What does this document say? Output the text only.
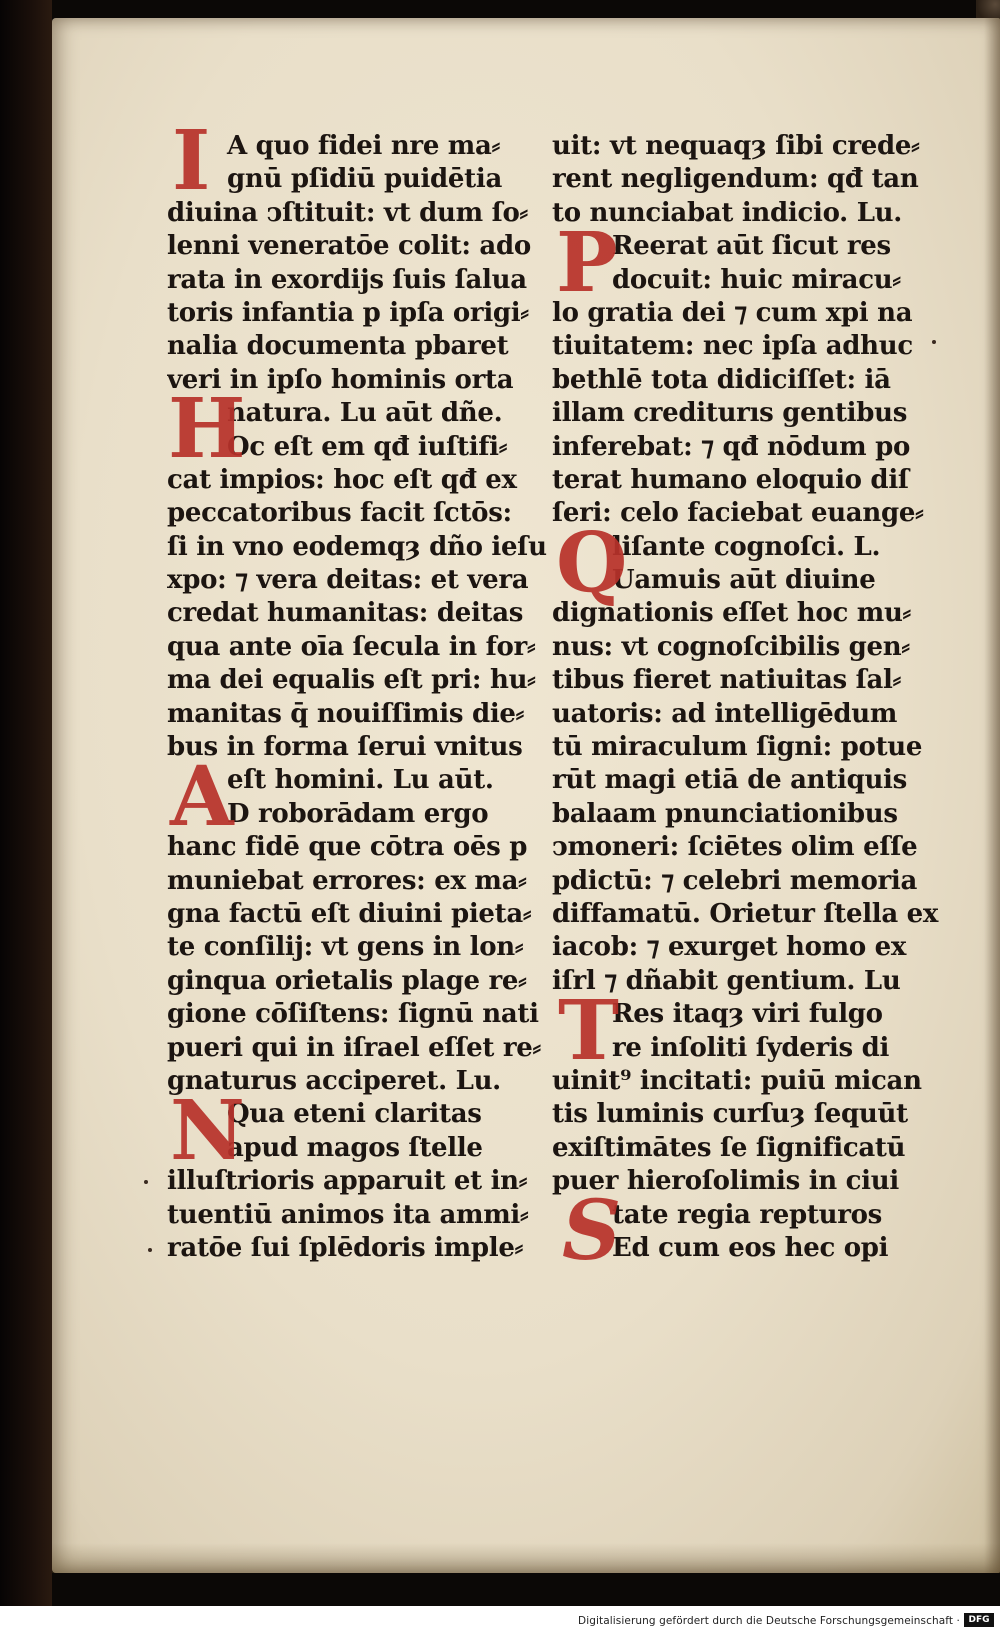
A quo fidei nre ma⸗
gnū pſidiū puidētia
diuina ↄſtituit: vt dum ſo⸗
lenni veneratōe colit: ado
rata in exordijs ſuis ſalua
toris infantia p ipſa origi⸗
nalia documenta pbaret
veri in ipſo hominis orta
natura. Lu aūt dñe.
Oc eſt em qđ iuſtifi⸗
cat impios: hoc eſt qđ ex
peccatoribus facit ſctōs:
ſi in vno eodemqȝ dño ieſu
xpo: ⁊ vera deitas: et vera
credat humanitas: deitas
qua ante oīa ſecula in for⸗
ma dei equalis eſt pri: hu⸗
manitas q̄ nouiſſimis die⸗
bus in forma ſerui vnitus
eſt homini. Lu aūt.
D roborādam ergo
hanc fidē que cōtra oēs p
muniebat errores: ex ma⸗
gna factū eſt diuini pieta⸗
te conſilij: vt gens in lon⸗
ginqua orietalis plage re⸗
gione cōſiſtens: ſignū nati
pueri qui in iſrael eſſet re⸗
gnaturus acciperet. Lu.
Qua eteni claritas
apud magos ſtelle
illuſtrioris apparuit et in⸗
tuentiū animos ita ammi⸗
ratōe ſui ſplēdoris imple⸗
uit: vt nequaqȝ ſibi crede⸗
rent negligendum: qđ tan
to nunciabat indicio. Lu.
Reerat aūt ſicut res
docuit: huic miracu⸗
lo gratia dei ⁊ cum xpi na
tiuitatem: nec ipſa adhuc
bethlē tota didiciſſet: iā
illam crediturıs gentibus
inferebat: ⁊ qđ nōdum po
terat humano eloquio diſ
ſeri: celo faciebat euange⸗
liſante cognoſci. L.
Uamuis aūt diuine
dignationis eſſet hoc mu⸗
nus: vt cognoſcibilis gen⸗
tibus fieret natiuitas ſal⸗
uatoris: ad intelligēdum
tū miraculum ſigni: potue
rūt magi etiā de antiquis
balaam pnunciationibus
ↄmoneri: ſciētes olim eſſe
pdictū: ⁊ celebri memoria
diffamatū. Orietur ſtella ex
iacob: ⁊ exurget homo ex
iſrl ⁊ dñabit gentium. Lu
Res itaqȝ viri fulgo
re inſoliti ſyderis di
uinit⁹ incitati: puiū mican
tis luminis curſuȝ ſequūt
exiſtimātes ſe ſignificatū
puer hieroſolimis in ciui
tate regia repturos
Ed cum eos hec opi
I
H
A
N
P
Q
T
S
Digitalisierung gefördert durch die Deutsche Forschungsgemeinschaft · DFG
